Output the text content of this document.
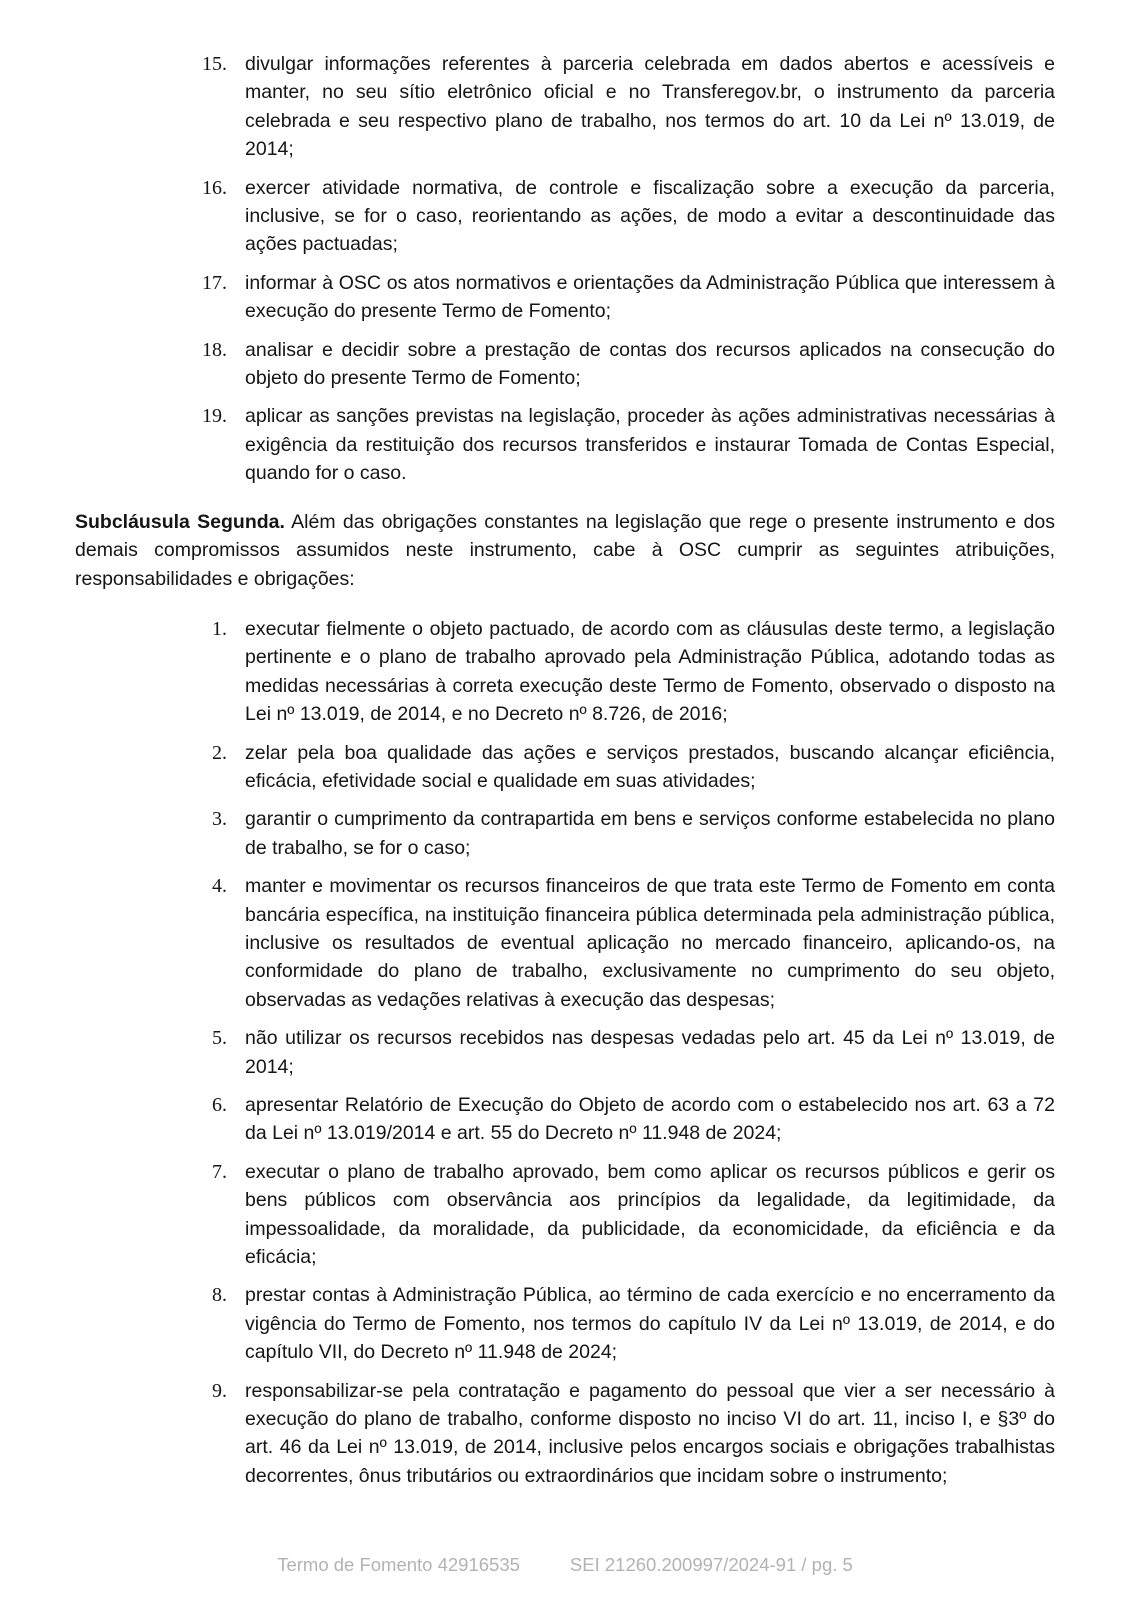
15. divulgar informações referentes à parceria celebrada em dados abertos e acessíveis e manter, no seu sítio eletrônico oficial e no Transferegov.br, o instrumento da parceria celebrada e seu respectivo plano de trabalho, nos termos do art. 10 da Lei nº 13.019, de 2014;
16. exercer atividade normativa, de controle e fiscalização sobre a execução da parceria, inclusive, se for o caso, reorientando as ações, de modo a evitar a descontinuidade das ações pactuadas;
17. informar à OSC os atos normativos e orientações da Administração Pública que interessem à execução do presente Termo de Fomento;
18. analisar e decidir sobre a prestação de contas dos recursos aplicados na consecução do objeto do presente Termo de Fomento;
19. aplicar as sanções previstas na legislação, proceder às ações administrativas necessárias à exigência da restituição dos recursos transferidos e instaurar Tomada de Contas Especial, quando for o caso.

Subcláusula Segunda. Além das obrigações constantes na legislação que rege o presente instrumento e dos demais compromissos assumidos neste instrumento, cabe à OSC cumprir as seguintes atribuições, responsabilidades e obrigações:

1. executar fielmente o objeto pactuado, de acordo com as cláusulas deste termo, a legislação pertinente e o plano de trabalho aprovado pela Administração Pública, adotando todas as medidas necessárias à correta execução deste Termo de Fomento, observado o disposto na Lei nº 13.019, de 2014, e no Decreto nº 8.726, de 2016;
2. zelar pela boa qualidade das ações e serviços prestados, buscando alcançar eficiência, eficácia, efetividade social e qualidade em suas atividades;
3. garantir o cumprimento da contrapartida em bens e serviços conforme estabelecida no plano de trabalho, se for o caso;
4. manter e movimentar os recursos financeiros de que trata este Termo de Fomento em conta bancária específica, na instituição financeira pública determinada pela administração pública, inclusive os resultados de eventual aplicação no mercado financeiro, aplicando-os, na conformidade do plano de trabalho, exclusivamente no cumprimento do seu objeto, observadas as vedações relativas à execução das despesas;
5. não utilizar os recursos recebidos nas despesas vedadas pelo art. 45 da Lei nº 13.019, de 2014;
6. apresentar Relatório de Execução do Objeto de acordo com o estabelecido nos art. 63 a 72 da Lei nº 13.019/2014 e art. 55 do Decreto nº 11.948 de 2024;
7. executar o plano de trabalho aprovado, bem como aplicar os recursos públicos e gerir os bens públicos com observância aos princípios da legalidade, da legitimidade, da impessoalidade, da moralidade, da publicidade, da economicidade, da eficiência e da eficácia;
8. prestar contas à Administração Pública, ao término de cada exercício e no encerramento da vigência do Termo de Fomento, nos termos do capítulo IV da Lei nº 13.019, de 2014, e do capítulo VII, do Decreto nº 11.948 de 2024;
9. responsabilizar-se pela contratação e pagamento do pessoal que vier a ser necessário à execução do plano de trabalho, conforme disposto no inciso VI do art. 11, inciso I, e §3º do art. 46 da Lei nº 13.019, de 2014, inclusive pelos encargos sociais e obrigações trabalhistas decorrentes, ônus tributários ou extraordinários que incidam sobre o instrumento;
Termo de Fomento 42916535	SEI 21260.200997/2024-91 / pg. 5
